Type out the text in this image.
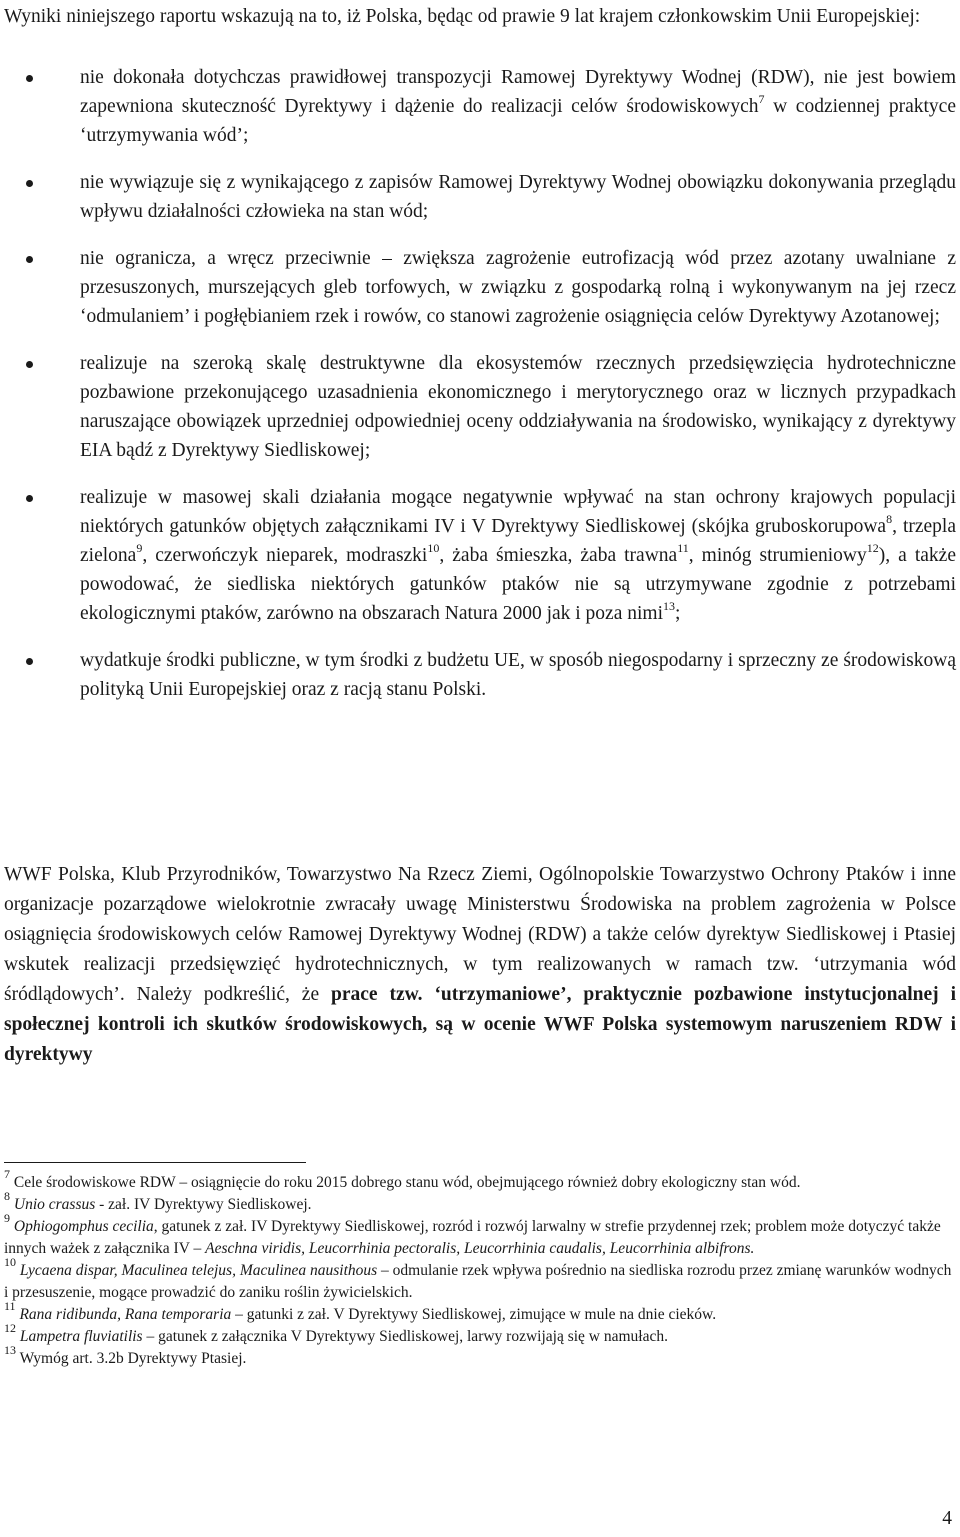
Wyniki niniejszego raportu wskazują na to, iż Polska, będąc od prawie 9 lat krajem członkowskim Unii Europejskiej:

nie dokonała dotychczas prawidłowej transpozycji Ramowej Dyrektywy Wodnej (RDW), nie jest bowiem zapewniona skuteczność Dyrektywy i dążenie do realizacji celów środowiskowych$^7$ w codziennej praktyce ‘utrzymywania wód’;
nie wywiązuje się z wynikającego z zapisów Ramowej Dyrektywy Wodnej obowiązku dokonywania przeglądu wpływu działalności człowieka na stan wód;
nie ogranicza, a wręcz przeciwnie – zwiększa zagrożenie eutrofizacją wód przez azotany uwalniane z przesuszonych, murszejących gleb torfowych, w związku z gospodarką rolną i wykonywanym na jej rzecz ‘odmulaniem’ i pogłębianiem rzek i rowów, co stanowi zagrożenie osiągnięcia celów Dyrektywy Azotanowej;
realizuje na szeroką skalę destruktywne dla ekosystemów rzecznych przedsięwzięcia hydrotechniczne pozbawione przekonującego uzasadnienia ekonomicznego i merytorycznego oraz w licznych przypadkach naruszające obowiązek uprzedniej odpowiedniej oceny oddziaływania na środowisko, wynikający z dyrektywy EIA bądź z Dyrektywy Siedliskowej;
realizuje w masowej skali działania mogące negatywnie wpływać na stan ochrony krajowych populacji niektórych gatunków objętych załącznikami IV i V Dyrektywy Siedliskowej (skójka gruboskorupowa$^8$, trzepla zielona$^9$, czerwończyk nieparek, modraszki$^{10}$, żaba śmieszka, żaba trawna$^{11}$, minóg strumieniowy$^{12}$), a także powodować, że siedliska niektórych gatunków ptaków nie są utrzymywane zgodnie z potrzebami ekologicznymi ptaków, zarówno na obszarach Natura 2000 jak i poza nimi$^{13}$;
wydatkuje środki publiczne, w tym środki z budżetu UE, w sposób niegospodarny i sprzeczny ze środowiskową polityką Unii Europejskiej oraz z racją stanu Polski.

WWF Polska, Klub Przyrodników, Towarzystwo Na Rzecz Ziemi, Ogólnopolskie Towarzystwo Ochrony Ptaków i inne organizacje pozarządowe wielokrotnie zwracały uwagę Ministerstwu Środowiska na problem zagrożenia w Polsce osiągnięcia środowiskowych celów Ramowej Dyrektywy Wodnej (RDW) a także celów dyrektyw Siedliskowej i Ptasiej wskutek realizacji przedsięwzięć hydrotechnicznych, w tym realizowanych w ramach tzw. ‘utrzymania wód śródlądowych’. Należy podkreślić, że prace tzw. ‘utrzymaniowe’, praktycznie pozbawione instytucjonalnej i społecznej kontroli ich skutków środowiskowych, są w ocenie WWF Polska systemowym naruszeniem RDW i dyrektywy

$^7$ Cele środowiskowe RDW – osiągnięcie do roku 2015 dobrego stanu wód, obejmującego również dobry ekologiczny stan wód.

$^8$ Unio crassus - zał. IV Dyrektywy Siedliskowej.

$^9$ Ophiogomphus cecilia, gatunek z zał. IV Dyrektywy Siedliskowej, rozród i rozwój larwalny w strefie przydennej rzek; problem może dotyczyć także innych ważek z załącznika IV – Aeschna viridis, Leucorrhinia pectoralis, Leucorrhinia caudalis, Leucorrhinia albifrons.

$^{10}$ Lycaena dispar, Maculinea telejus, Maculinea nausithous – odmulanie rzek wpływa pośrednio na siedliska rozrodu przez zmianę warunków wodnych i przesuszenie, mogące prowadzić do zaniku roślin żywicielskich.

$^{11}$ Rana ridibunda, Rana temporaria – gatunki z zał. V Dyrektywy Siedliskowej, zimujące w mule na dnie cieków.

$^{12}$ Lampetra fluviatilis – gatunek z załącznika V Dyrektywy Siedliskowej, larwy rozwijają się w namułach.

$^{13}$ Wymóg art. 3.2b Dyrektywy Ptasiej.

4
